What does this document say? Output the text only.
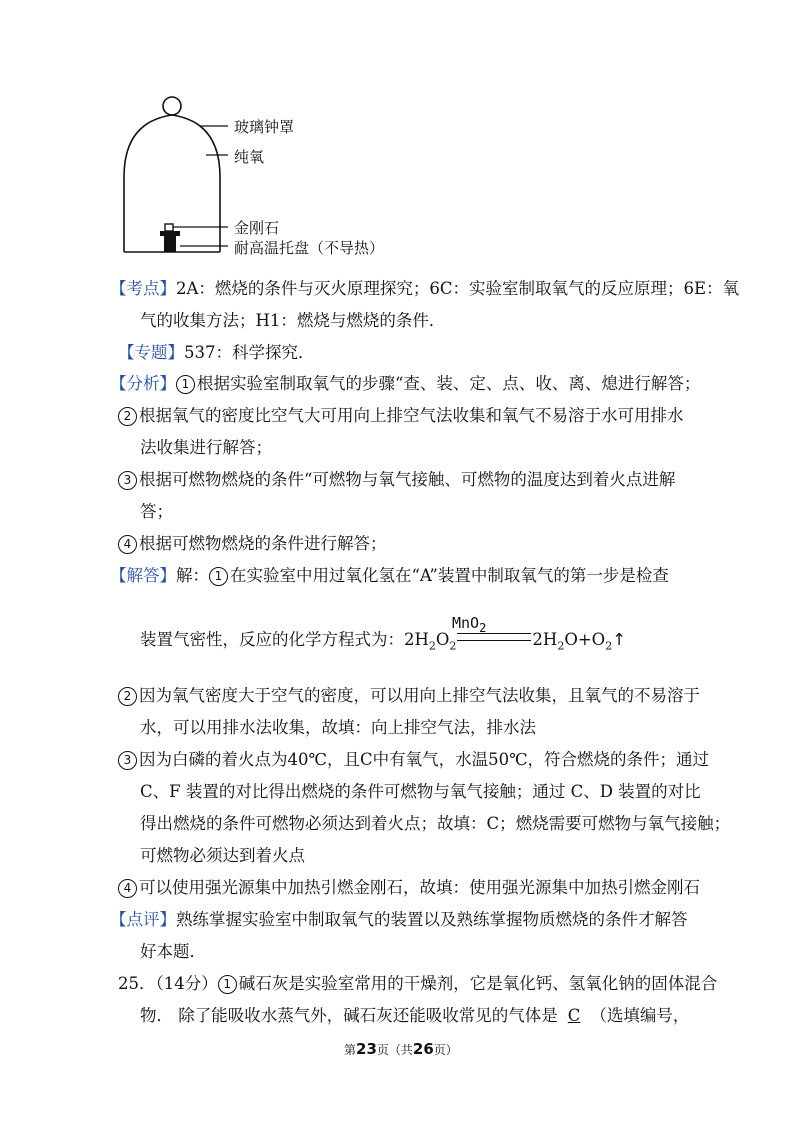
玻璃钟罩
纯氧
金刚石
耐高温托盘（不导热）
【考点】2A：燃烧的条件与灭火原理探究；6C：实验室制取氧气的反应原理；6E：氧
气的收集方法；H1：燃烧与燃烧的条件．
【专题】537：科学探究．
【分析】 1 根据实验室制取氧气的步骤“查、装、定、点、收、离、熄进行解答；
2 根据氧气的密度比空气大可用向上排空气法收集和氧气不易溶于水可用排水
法收集进行解答；
3 根据可燃物燃烧的条件“可燃物与氧气接触、可燃物的温度达到着火点进解
答；
4 根据可燃物燃烧的条件进行解答；
【解答】解： 1 在实验室中用过氧化氢在“A”装置中制取氧气的第一步是检查
MnO$_2$
装置气密性，反应的化学方程式为：$2H_2O_2$	$2H_2O+O_2↑$
2 因为氧气密度大于空气的密度，可以用向上排空气法收集，且氧气的不易溶于
水，可以用排水法收集，故填：向上排空气法，排水法
3 因为白磷的着火点为40℃，且C中有氧气，水温50℃，符合燃烧的条件；通过
C、F 装置的对比得出燃烧的条件可燃物与氧气接触；通过 C、D 装置的对比
得出燃烧的条件可燃物必须达到着火点；故填：C；燃烧需要可燃物与氧气接触；
可燃物必须达到着火点
4 可以使用强光源集中加热引燃金刚石，故填：使用强光源集中加热引燃金刚石
【点评】熟练掌握实验室中制取氧气的装置以及熟练掌握物质燃烧的条件才解答
好本题．
25．（14分） 1 碱石灰是实验室常用的干燥剂，它是氧化钙、氢氧化钠的固体混合
物． 除了能吸收水蒸气外，碱石灰还能吸收常见的气体是 C （选填编号，
第23页（共26页）
